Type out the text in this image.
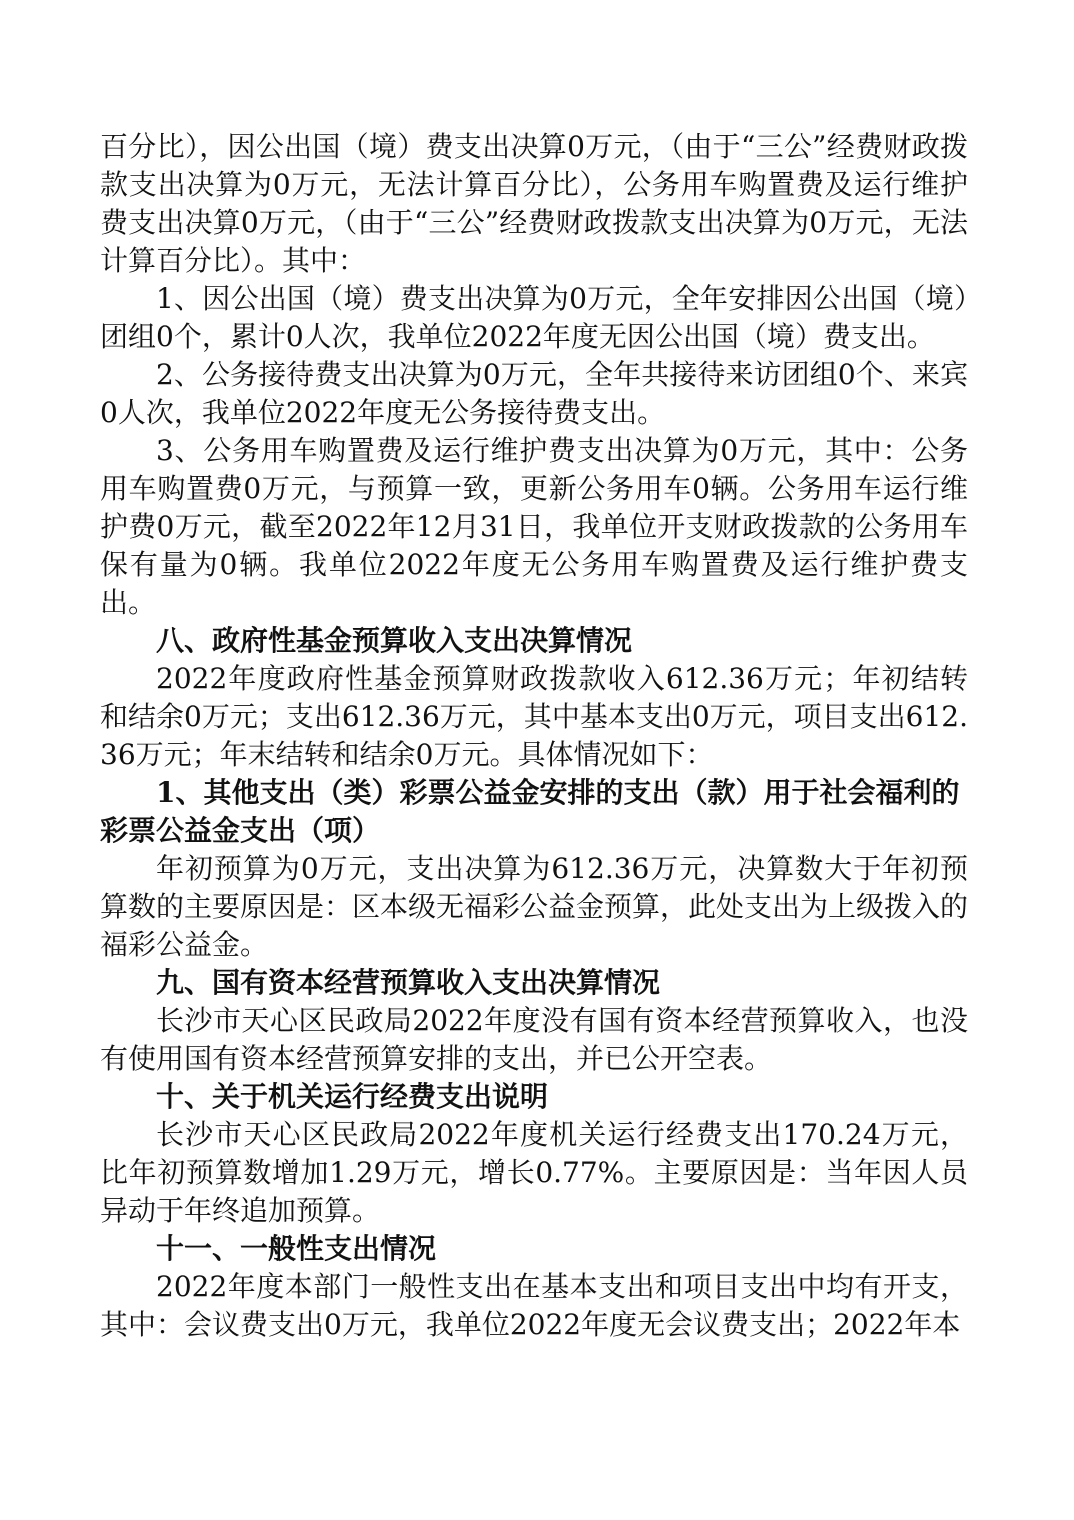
百分比），因公出国（境）费支出决算0万元，（由于“三公”经费财政拨款支出决算为0万元，无法计算百分比），公务用车购置费及运行维护费支出决算0万元，（由于“三公”经费财政拨款支出决算为0万元，无法计算百分比）。其中：

1、因公出国（境）费支出决算为0万元，全年安排因公出国（境）团组0个，累计0人次，我单位2022年度无因公出国（境）费支出。

2、公务接待费支出决算为0万元，全年共接待来访团组0个、来宾0人次，我单位2022年度无公务接待费支出。

3、公务用车购置费及运行维护费支出决算为0万元，其中：公务用车购置费0万元，与预算一致，更新公务用车0辆。公务用车运行维护费0万元，截至2022年12月31日，我单位开支财政拨款的公务用车保有量为0辆。我单位2022年度无公务用车购置费及运行维护费支出。

八、政府性基金预算收入支出决算情况

2022年度政府性基金预算财政拨款收入612.36万元；年初结转和结余0万元；支出612.36万元，其中基本支出0万元，项目支出612.36万元；年末结转和结余0万元。具体情况如下：

1、其他支出（类）彩票公益金安排的支出（款）用于社会福利的彩票公益金支出（项）

年初预算为0万元，支出决算为612.36万元，决算数大于年初预算数的主要原因是：区本级无福彩公益金预算，此处支出为上级拨入的福彩公益金。

九、国有资本经营预算收入支出决算情况

长沙市天心区民政局2022年度没有国有资本经营预算收入，也没有使用国有资本经营预算安排的支出，并已公开空表。

十、关于机关运行经费支出说明

长沙市天心区民政局2022年度机关运行经费支出170.24万元，比年初预算数增加1.29万元，增长0.77%。主要原因是：当年因人员异动于年终追加预算。

十一、一般性支出情况

2022年度本部门一般性支出在基本支出和项目支出中均有开支，其中：会议费支出0万元，我单位2022年度无会议费支出；2022年本
